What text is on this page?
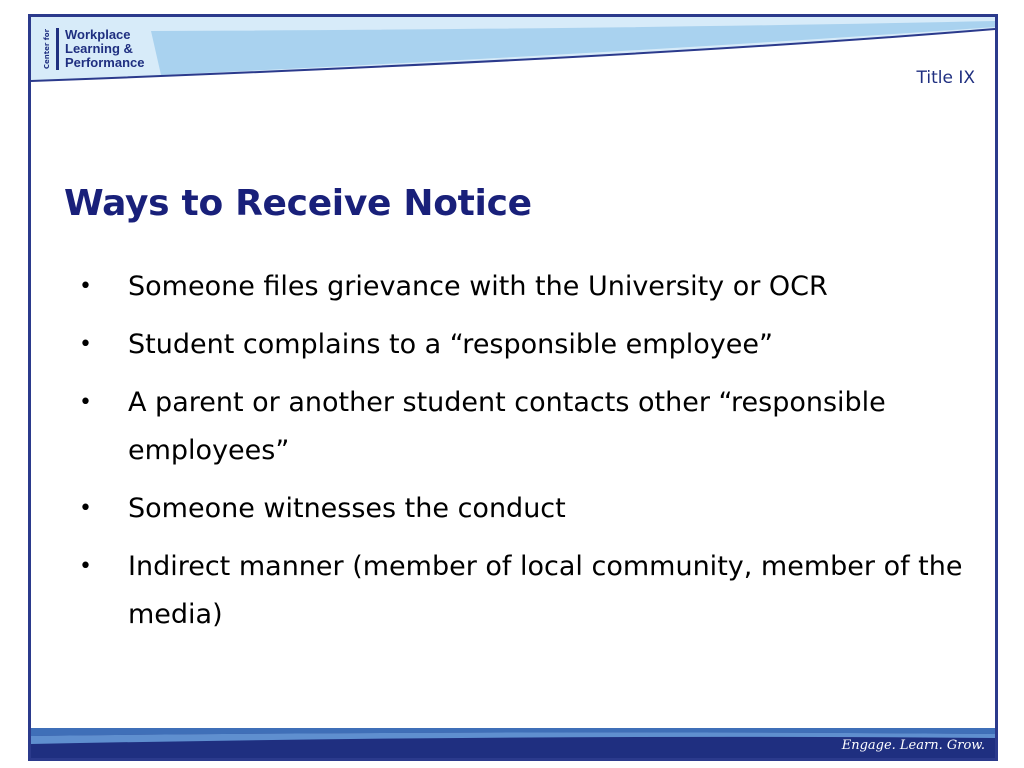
Center for Workplace
Learning &
Performance
Title IX
Ways to Receive Notice
• Someone files grievance with the University or OCR
• Student complains to a “responsible employee”
• A parent or another student contacts other “responsible employees”
• Someone witnesses the conduct
• Indirect manner (member of local community, member of the media)
Engage. Learn. Grow.
